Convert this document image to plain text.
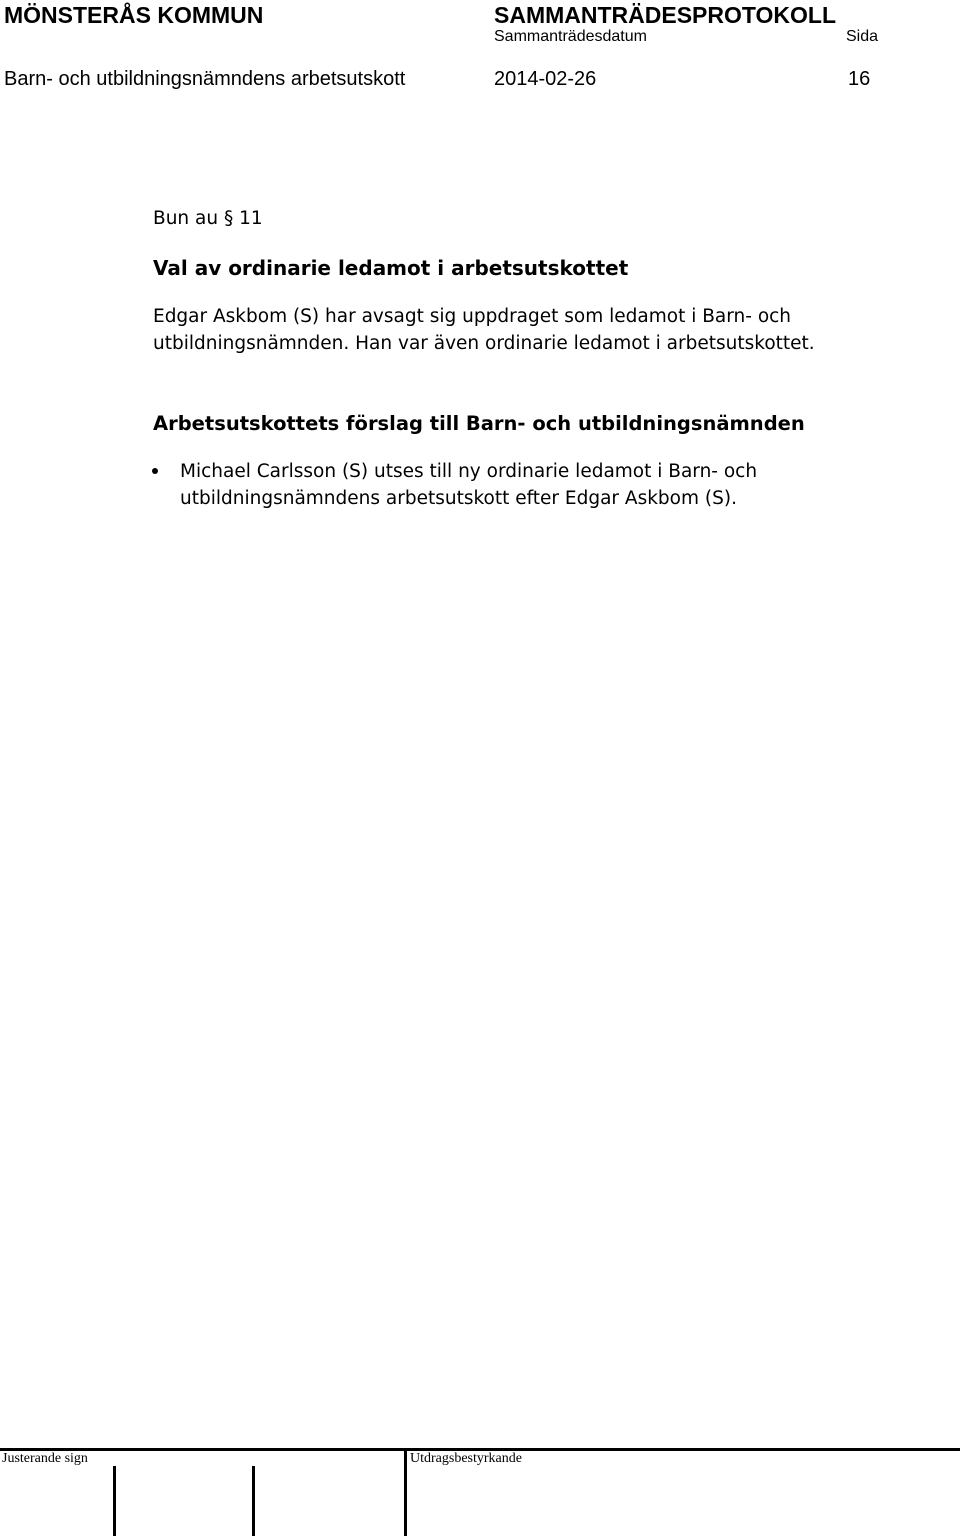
MÖNSTERÅS KOMMUN	SAMMANTRÄDESPROTOKOLL
Sammanträdesdatum	Sida
Barn- och utbildningsnämndens arbetsutskott	2014-02-26	16
Bun au § 11
Val av ordinarie ledamot i arbetsutskottet
Edgar Askbom (S) har avsagt sig uppdraget som ledamot i Barn- och
utbildningsnämnden. Han var även ordinarie ledamot i arbetsutskottet.
Arbetsutskottets förslag till Barn- och utbildningsnämnden
Michael Carlsson (S) utses till ny ordinarie ledamot i Barn- och
utbildningsnämndens arbetsutskott efter Edgar Askbom (S).
Justerande sign	Utdragsbestyrkande
